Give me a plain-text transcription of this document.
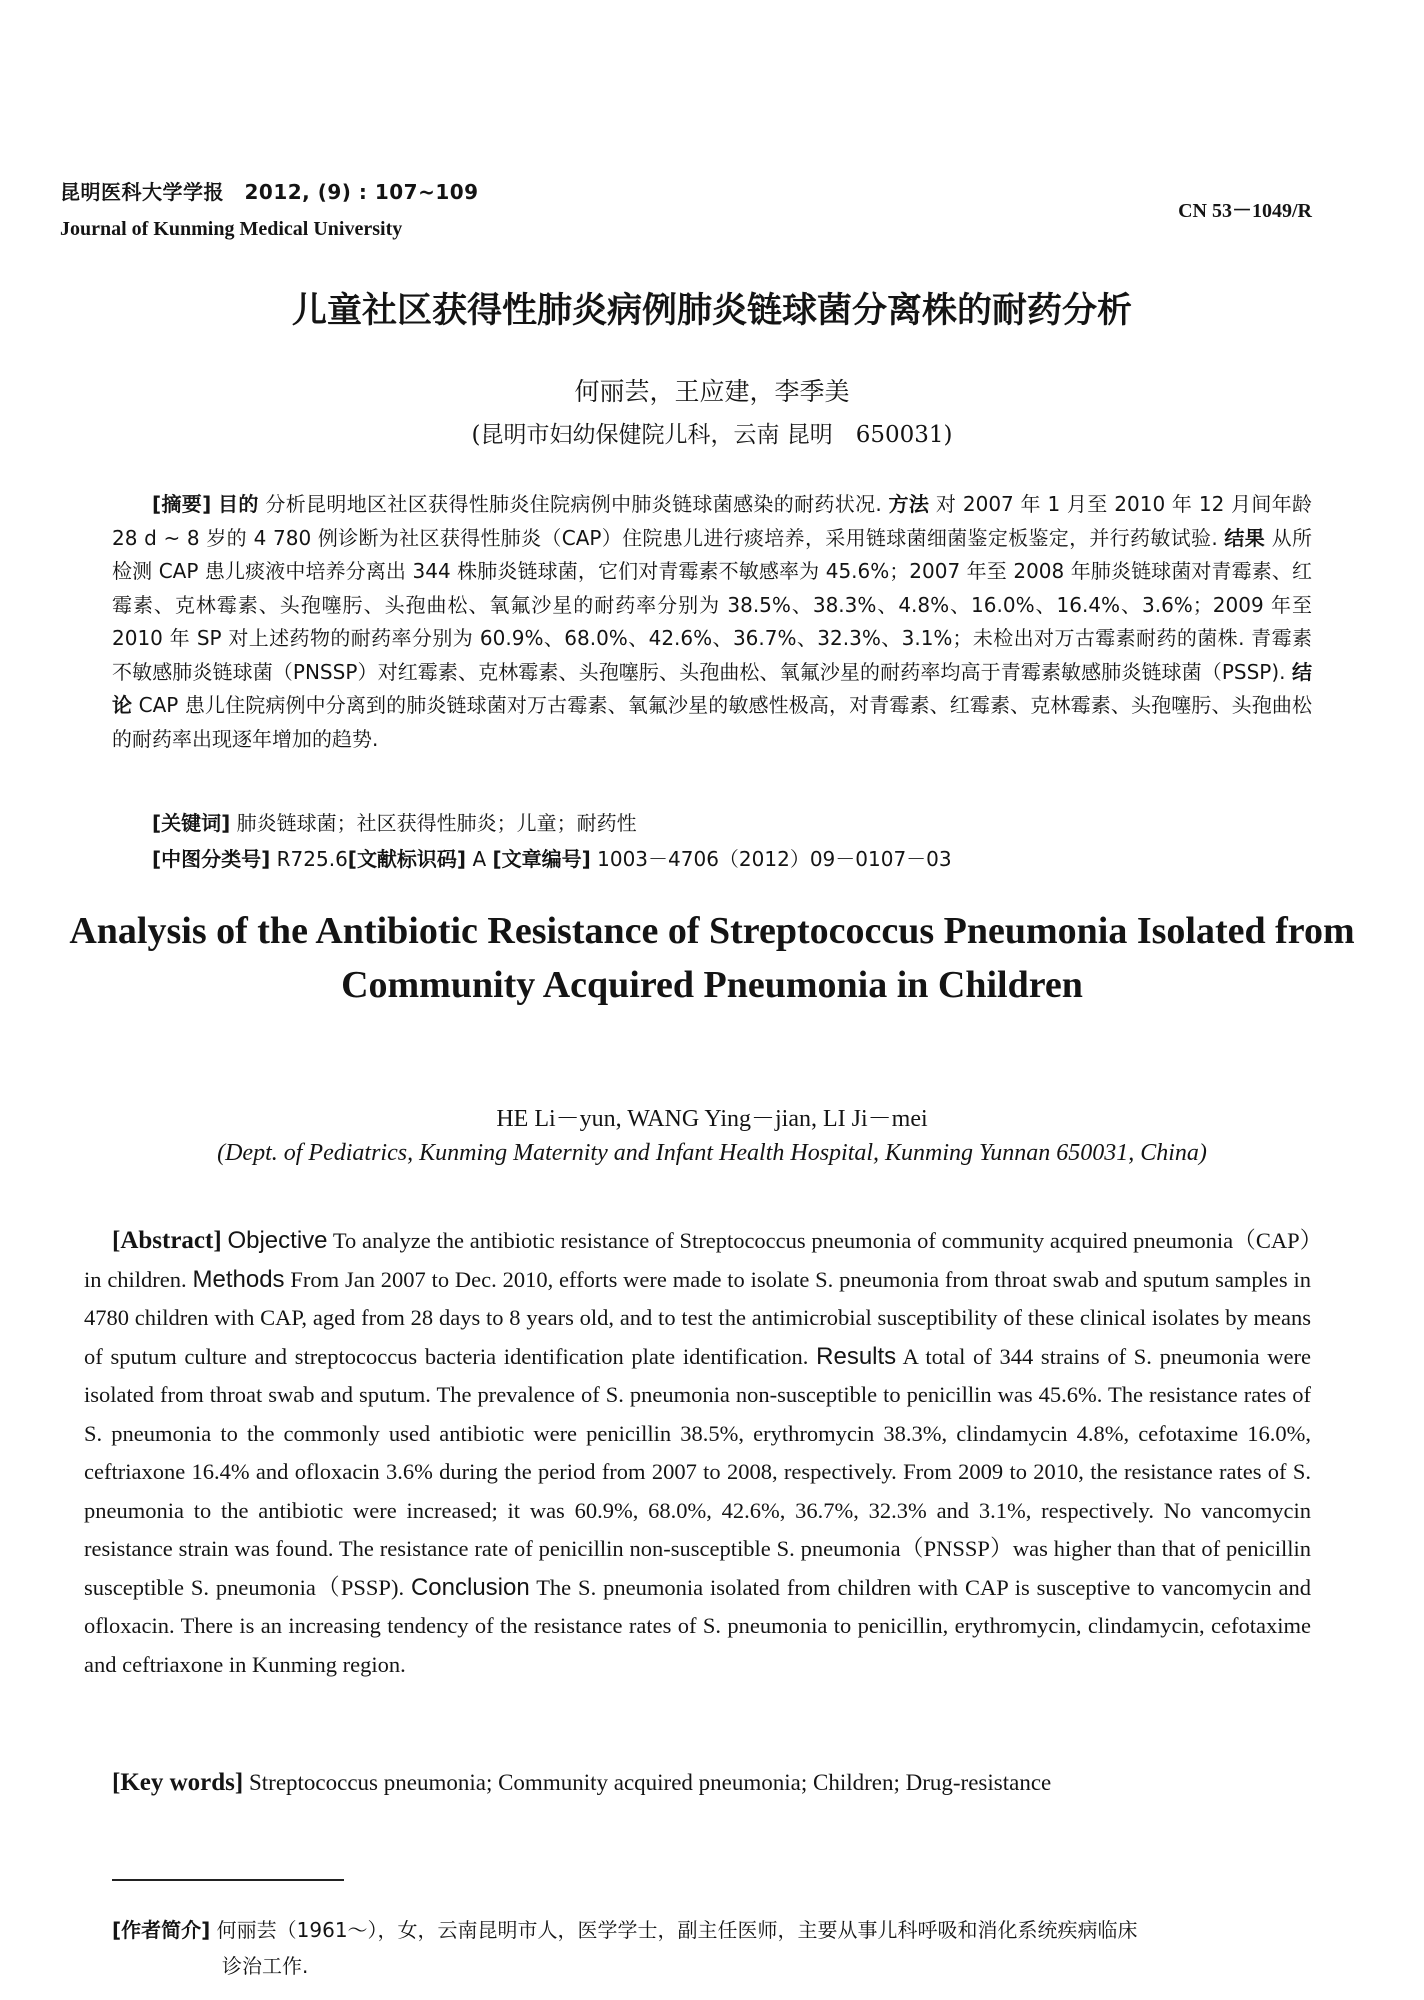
昆明医科大学学报　2012, (9) : 107~109
Journal of Kunming Medical University
CN 53－1049/R
儿童社区获得性肺炎病例肺炎链球菌分离株的耐药分析
何丽芸，王应建，李季美
(昆明市妇幼保健院儿科，云南 昆明　650031)
[摘要] 目的 分析昆明地区社区获得性肺炎住院病例中肺炎链球菌感染的耐药状况. 方法 对 2007 年 1 月至 2010 年 12 月间年龄 28 d ~ 8 岁的 4 780 例诊断为社区获得性肺炎（CAP）住院患儿进行痰培养，采用链球菌细菌鉴定板鉴定，并行药敏试验. 结果 从所检测 CAP 患儿痰液中培养分离出 344 株肺炎链球菌，它们对青霉素不敏感率为 45.6%；2007 年至 2008 年肺炎链球菌对青霉素、红霉素、克林霉素、头孢噻肟、头孢曲松、氧氟沙星的耐药率分别为 38.5%、38.3%、4.8%、16.0%、16.4%、3.6%；2009 年至 2010 年 SP 对上述药物的耐药率分别为 60.9%、68.0%、42.6%、36.7%、32.3%、3.1%；未检出对万古霉素耐药的菌株. 青霉素不敏感肺炎链球菌（PNSSP）对红霉素、克林霉素、头孢噻肟、头孢曲松、氧氟沙星的耐药率均高于青霉素敏感肺炎链球菌（PSSP). 结论 CAP 患儿住院病例中分离到的肺炎链球菌对万古霉素、氧氟沙星的敏感性极高，对青霉素、红霉素、克林霉素、头孢噻肟、头孢曲松的耐药率出现逐年增加的趋势.
[关键词] 肺炎链球菌；社区获得性肺炎；儿童；耐药性
[中图分类号] R725.6[文献标识码] A [文章编号] 1003－4706（2012）09－0107－03
Analysis of the Antibiotic Resistance of Streptococcus Pneumonia Isolated from Community Acquired Pneumonia in Children
HE Li－yun, WANG Ying－jian, LI Ji－mei
(Dept. of Pediatrics, Kunming Maternity and Infant Health Hospital, Kunming Yunnan 650031, China)
[Abstract] Objective To analyze the antibiotic resistance of Streptococcus pneumonia of community acquired pneumonia（CAP）in children. Methods From Jan 2007 to Dec. 2010, efforts were made to isolate S. pneumonia from throat swab and sputum samples in 4780 children with CAP, aged from 28 days to 8 years old, and to test the antimicrobial susceptibility of these clinical isolates by means of sputum culture and streptococcus bacteria identification plate identification. Results A total of 344 strains of S. pneumonia were isolated from throat swab and sputum. The prevalence of S. pneumonia non-susceptible to penicillin was 45.6%. The resistance rates of S. pneumonia to the commonly used antibiotic were penicillin 38.5%, erythromycin 38.3%, clindamycin 4.8%, cefotaxime 16.0%, ceftriaxone 16.4% and ofloxacin 3.6% during the period from 2007 to 2008, respectively. From 2009 to 2010, the resistance rates of S. pneumonia to the antibiotic were increased; it was 60.9%, 68.0%, 42.6%, 36.7%, 32.3% and 3.1%, respectively. No vancomycin resistance strain was found. The resistance rate of penicillin non-susceptible S. pneumonia（PNSSP）was higher than that of penicillin susceptible S. pneumonia（PSSP). Conclusion The S. pneumonia isolated from children with CAP is susceptive to vancomycin and ofloxacin. There is an increasing tendency of the resistance rates of S. pneumonia to penicillin, erythromycin, clindamycin, cefotaxime and ceftriaxone in Kunming region.
[Key words] Streptococcus pneumonia; Community acquired pneumonia; Children; Drug-resistance
[作者简介] 何丽芸（1961～），女，云南昆明市人，医学学士，副主任医师，主要从事儿科呼吸和消化系统疾病临床
诊治工作.
